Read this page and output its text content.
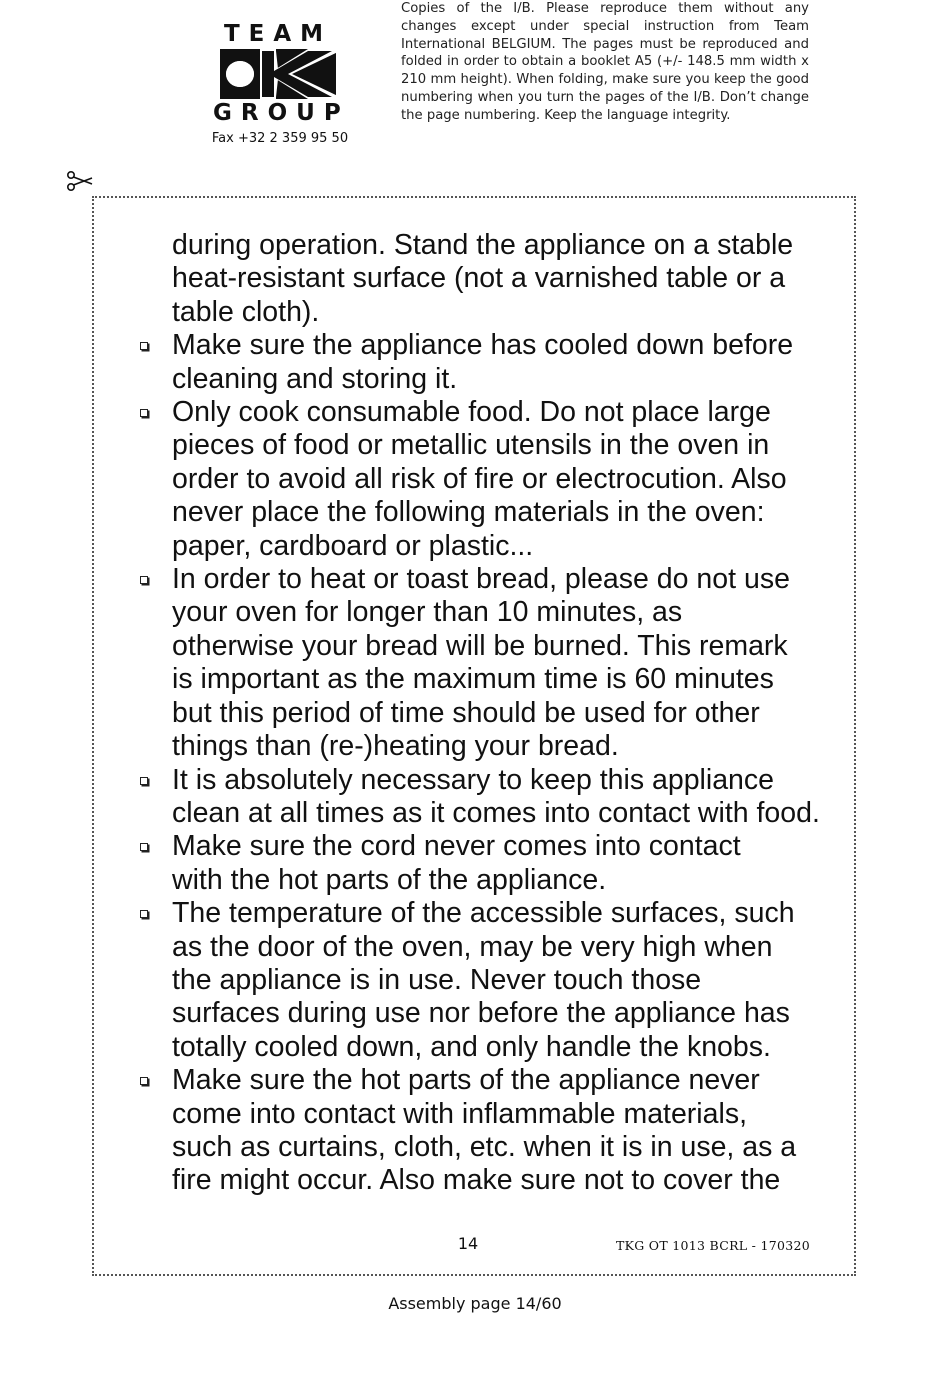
TEAM
GROUP
Fax +32 2 359 95 50
Copies of the I/B. Please reproduce them without any changes except under special instruction from Team International BELGIUM. The pages must be reproduced and folded in order to obtain a booklet A5 (+/- 148.5 mm width x 210 mm height). When folding, make sure you keep the good numbering when you turn the pages of the I/B. Don’t change the page numbering. Keep the language integrity.
during operation. Stand the appliance on a stable
heat-resistant surface (not a varnished table or a
table cloth).
Make sure the appliance has cooled down before
cleaning and storing it.
Only cook consumable food. Do not place large
pieces of food or metallic utensils in the oven in
order to avoid all risk of fire or electrocution. Also
never place the following materials in the oven:
paper, cardboard or plastic...
In order to heat or toast bread, please do not use
your oven for longer than 10 minutes, as
otherwise your bread will be burned. This remark
is important as the maximum time is 60 minutes
but this period of time should be used for other
things than (re-)heating your bread.
It is absolutely necessary to keep this appliance
clean at all times as it comes into contact with food.
Make sure the cord never comes into contact
with the hot parts of the appliance.
The temperature of the accessible surfaces, such
as the door of the oven, may be very high when
the appliance is in use. Never touch those
surfaces during use nor before the appliance has
totally cooled down, and only handle the knobs.
Make sure the hot parts of the appliance never
come into contact with inflammable materials,
such as curtains, cloth, etc. when it is in use, as a
fire might occur. Also make sure not to cover the
14	TKG OT 1013 BCRL - 170320
Assembly page 14/60
